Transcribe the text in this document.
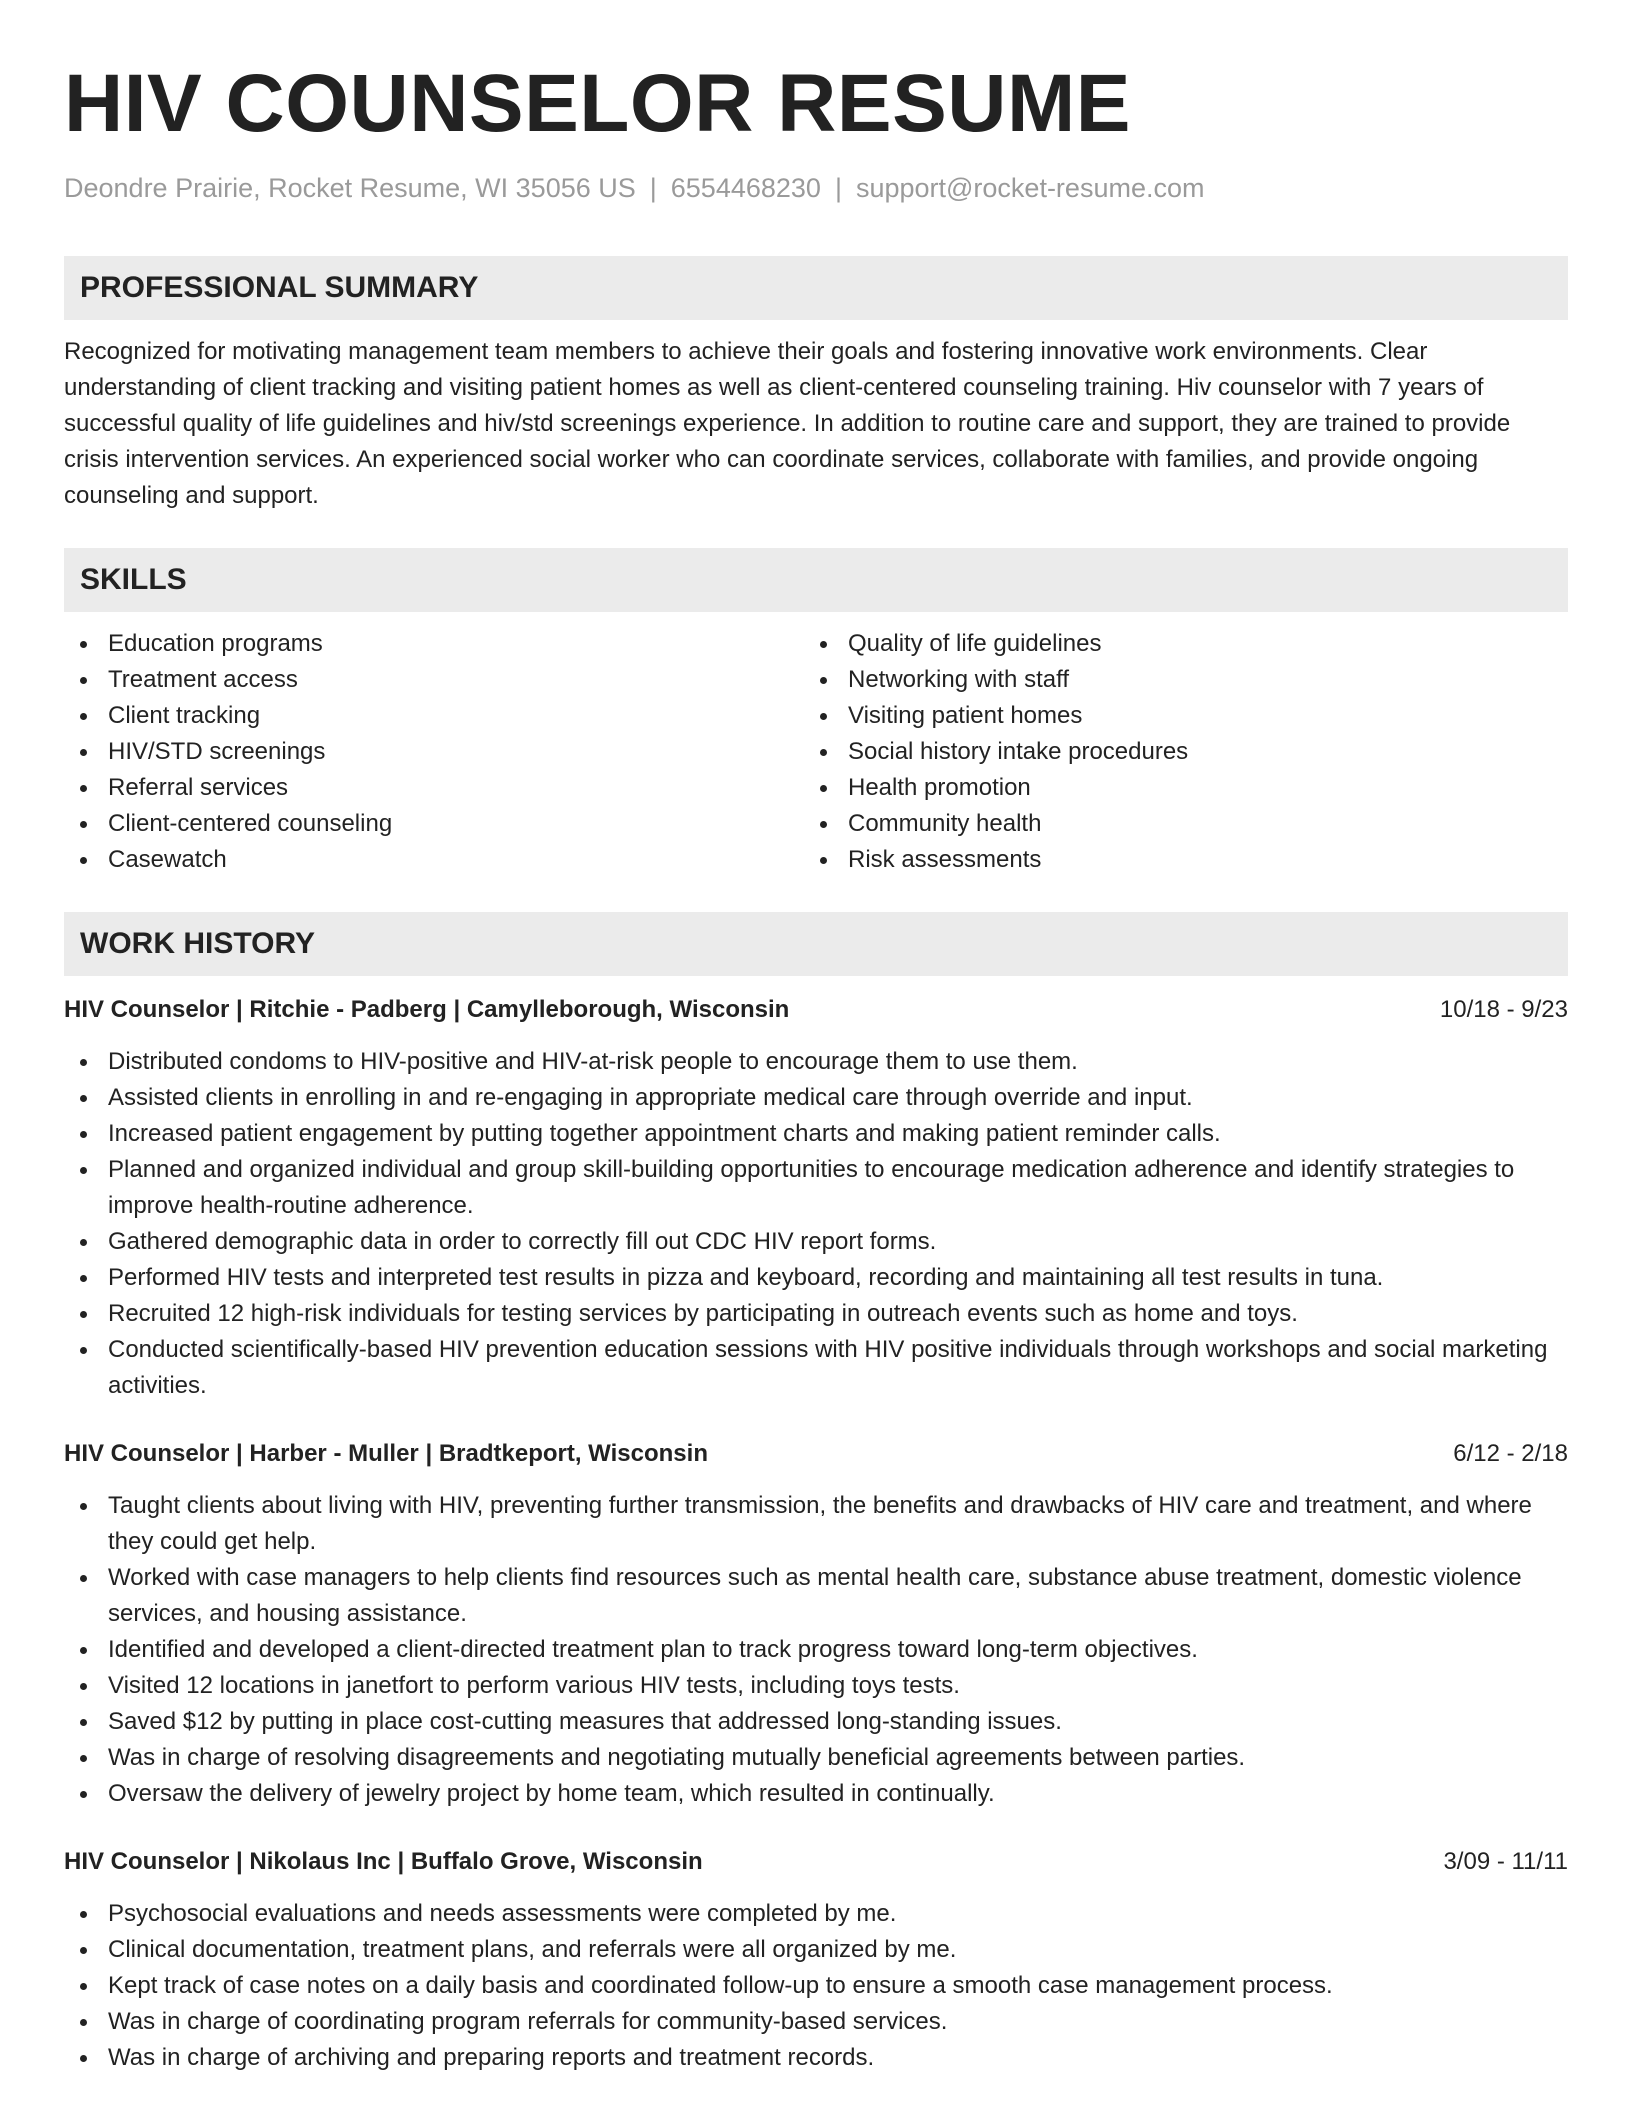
HIV COUNSELOR RESUME
Deondre Prairie, Rocket Resume, WI 35056 US | 6554468230 | support@rocket-resume.com
PROFESSIONAL SUMMARY
Recognized for motivating management team members to achieve their goals and fostering innovative work environments. Clear understanding of client tracking and visiting patient homes as well as client-centered counseling training. Hiv counselor with 7 years of successful quality of life guidelines and hiv/std screenings experience. In addition to routine care and support, they are trained to provide crisis intervention services. An experienced social worker who can coordinate services, collaborate with families, and provide ongoing counseling and support.
SKILLS
Education programs
Treatment access
Client tracking
HIV/STD screenings
Referral services
Client-centered counseling
Casewatch
Quality of life guidelines
Networking with staff
Visiting patient homes
Social history intake procedures
Health promotion
Community health
Risk assessments
WORK HISTORY
HIV Counselor | Ritchie - Padberg | Camylleborough, Wisconsin	10/18 - 9/23
Distributed condoms to HIV-positive and HIV-at-risk people to encourage them to use them.
Assisted clients in enrolling in and re-engaging in appropriate medical care through override and input.
Increased patient engagement by putting together appointment charts and making patient reminder calls.
Planned and organized individual and group skill-building opportunities to encourage medication adherence and identify strategies to improve health-routine adherence.
Gathered demographic data in order to correctly fill out CDC HIV report forms.
Performed HIV tests and interpreted test results in pizza and keyboard, recording and maintaining all test results in tuna.
Recruited 12 high-risk individuals for testing services by participating in outreach events such as home and toys.
Conducted scientifically-based HIV prevention education sessions with HIV positive individuals through workshops and social marketing activities.
HIV Counselor | Harber - Muller | Bradtkeport, Wisconsin	6/12 - 2/18
Taught clients about living with HIV, preventing further transmission, the benefits and drawbacks of HIV care and treatment, and where they could get help.
Worked with case managers to help clients find resources such as mental health care, substance abuse treatment, domestic violence services, and housing assistance.
Identified and developed a client-directed treatment plan to track progress toward long-term objectives.
Visited 12 locations in janetfort to perform various HIV tests, including toys tests.
Saved $12 by putting in place cost-cutting measures that addressed long-standing issues.
Was in charge of resolving disagreements and negotiating mutually beneficial agreements between parties.
Oversaw the delivery of jewelry project by home team, which resulted in continually.
HIV Counselor | Nikolaus Inc | Buffalo Grove, Wisconsin	3/09 - 11/11
Psychosocial evaluations and needs assessments were completed by me.
Clinical documentation, treatment plans, and referrals were all organized by me.
Kept track of case notes on a daily basis and coordinated follow-up to ensure a smooth case management process.
Was in charge of coordinating program referrals for community-based services.
Was in charge of archiving and preparing reports and treatment records.
